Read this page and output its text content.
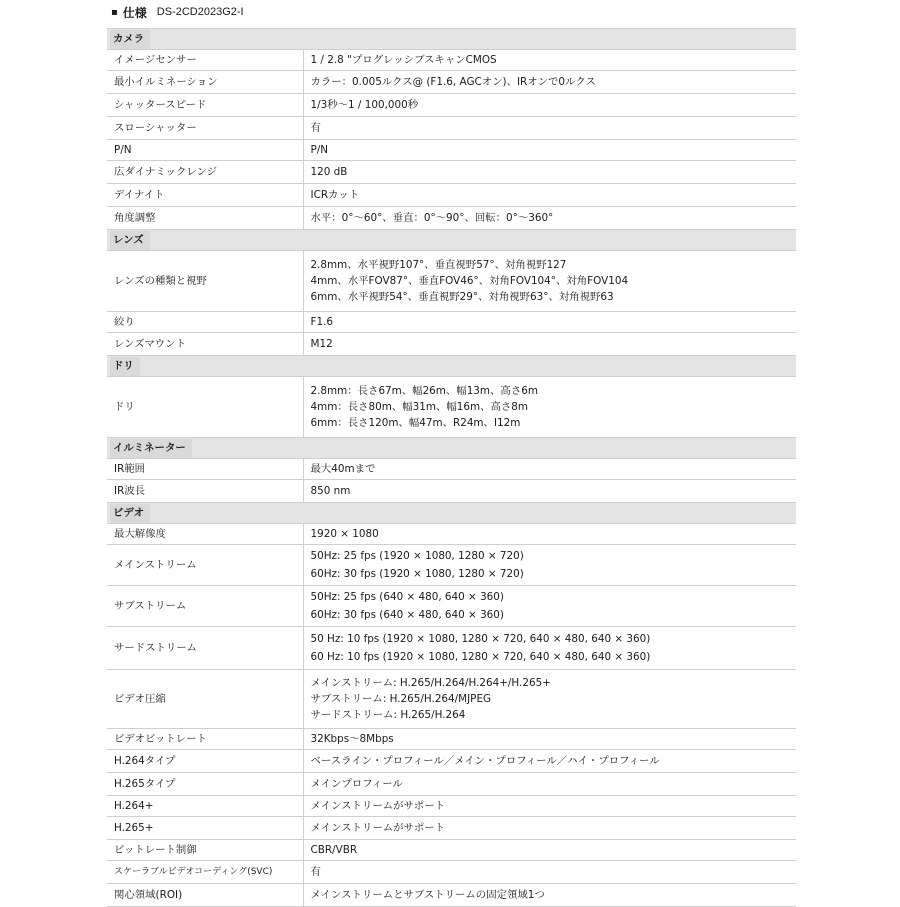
▪ 仕様 DS-2CD2023G2-I
カメラ	
イメージセンサー	1 / 2.8 "プログレッシブスキャンCMOS

最小イルミネーション	カラー：0.005ルクス@ (F1.6, AGCオン)、IRオンで0ルクス

シャッタースピード	1/3秒～1 / 100,000秒

スローシャッター	有

P/N	P/N

広ダイナミックレンジ	120 dB

デイナイト	ICRカット

角度調整	水平：0°～60°、垂直：0°～90°、回転：0°～360°

レンズ	
レンズの種類と視野	2.8mm、水平視野107°、垂直視野57°、対角視野127
4mm、水平FOV87°、垂直FOV46°、対角FOV104°、対角FOV104
6mm、水平視野54°、垂直視野29°、対角視野63°、対角視野63

絞り	F1.6

レンズマウント	M12

ドリ	
ドリ	2.8mm：長さ67m、幅26m、幅13m、高さ6m
4mm：長さ80m、幅31m、幅16m、高さ8m
6mm：長さ120m、幅47m、R24m、I12m

イルミネーター	
IR範囲	最大40mまで

IR波長	850 nm

ビデオ	
最大解像度	1920 × 1080

メインストリーム	50Hz: 25 fps (1920 × 1080, 1280 × 720)
60Hz: 30 fps (1920 × 1080, 1280 × 720)

サブストリーム	50Hz: 25 fps (640 × 480, 640 × 360)
60Hz: 30 fps (640 × 480, 640 × 360)

サードストリーム	50 Hz: 10 fps (1920 × 1080, 1280 × 720, 640 × 480, 640 × 360)
60 Hz: 10 fps (1920 × 1080, 1280 × 720, 640 × 480, 640 × 360)

ビデオ圧縮	メインストリーム: H.265/H.264/H.264+/H.265+
サブストリーム: H.265/H.264/MJPEG
サードストリーム: H.265/H.264

ビデオビットレート	32Kbps～8Mbps

H.264タイプ	ベースライン・プロフィール／メイン・プロフィール／ハイ・プロフィール

H.265タイプ	メインプロフィール

H.264+	メインストリームがサポート

H.265+	メインストリームがサポート

ビットレート制御	CBR/VBR

スケーラブルビデオコーディング(SVC)	有

関心領域(ROI)	メインストリームとサブストリームの固定領域1つ
